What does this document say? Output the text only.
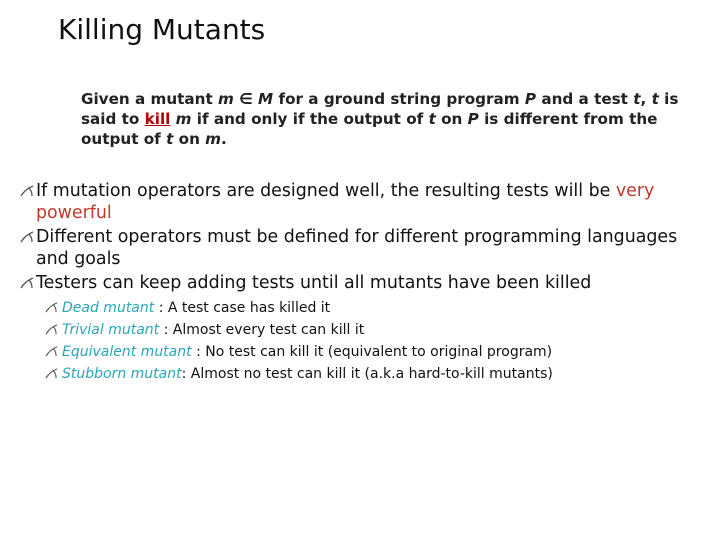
Killing Mutants
Given a mutant m ∈ M for a ground string program P and a test t, t is said to kill m if and only if the output of t on P is different from the output of t on m.
If mutation operators are designed well, the resulting tests will be very powerful
Different operators must be defined for different programming languages and goals
Testers can keep adding tests until all mutants have been killed
Dead mutant : A test case has killed it
Trivial mutant : Almost every test can kill it
Equivalent mutant : No test can kill it (equivalent to original program)
Stubborn mutant: Almost no test can kill it (a.k.a hard-to-kill mutants)
